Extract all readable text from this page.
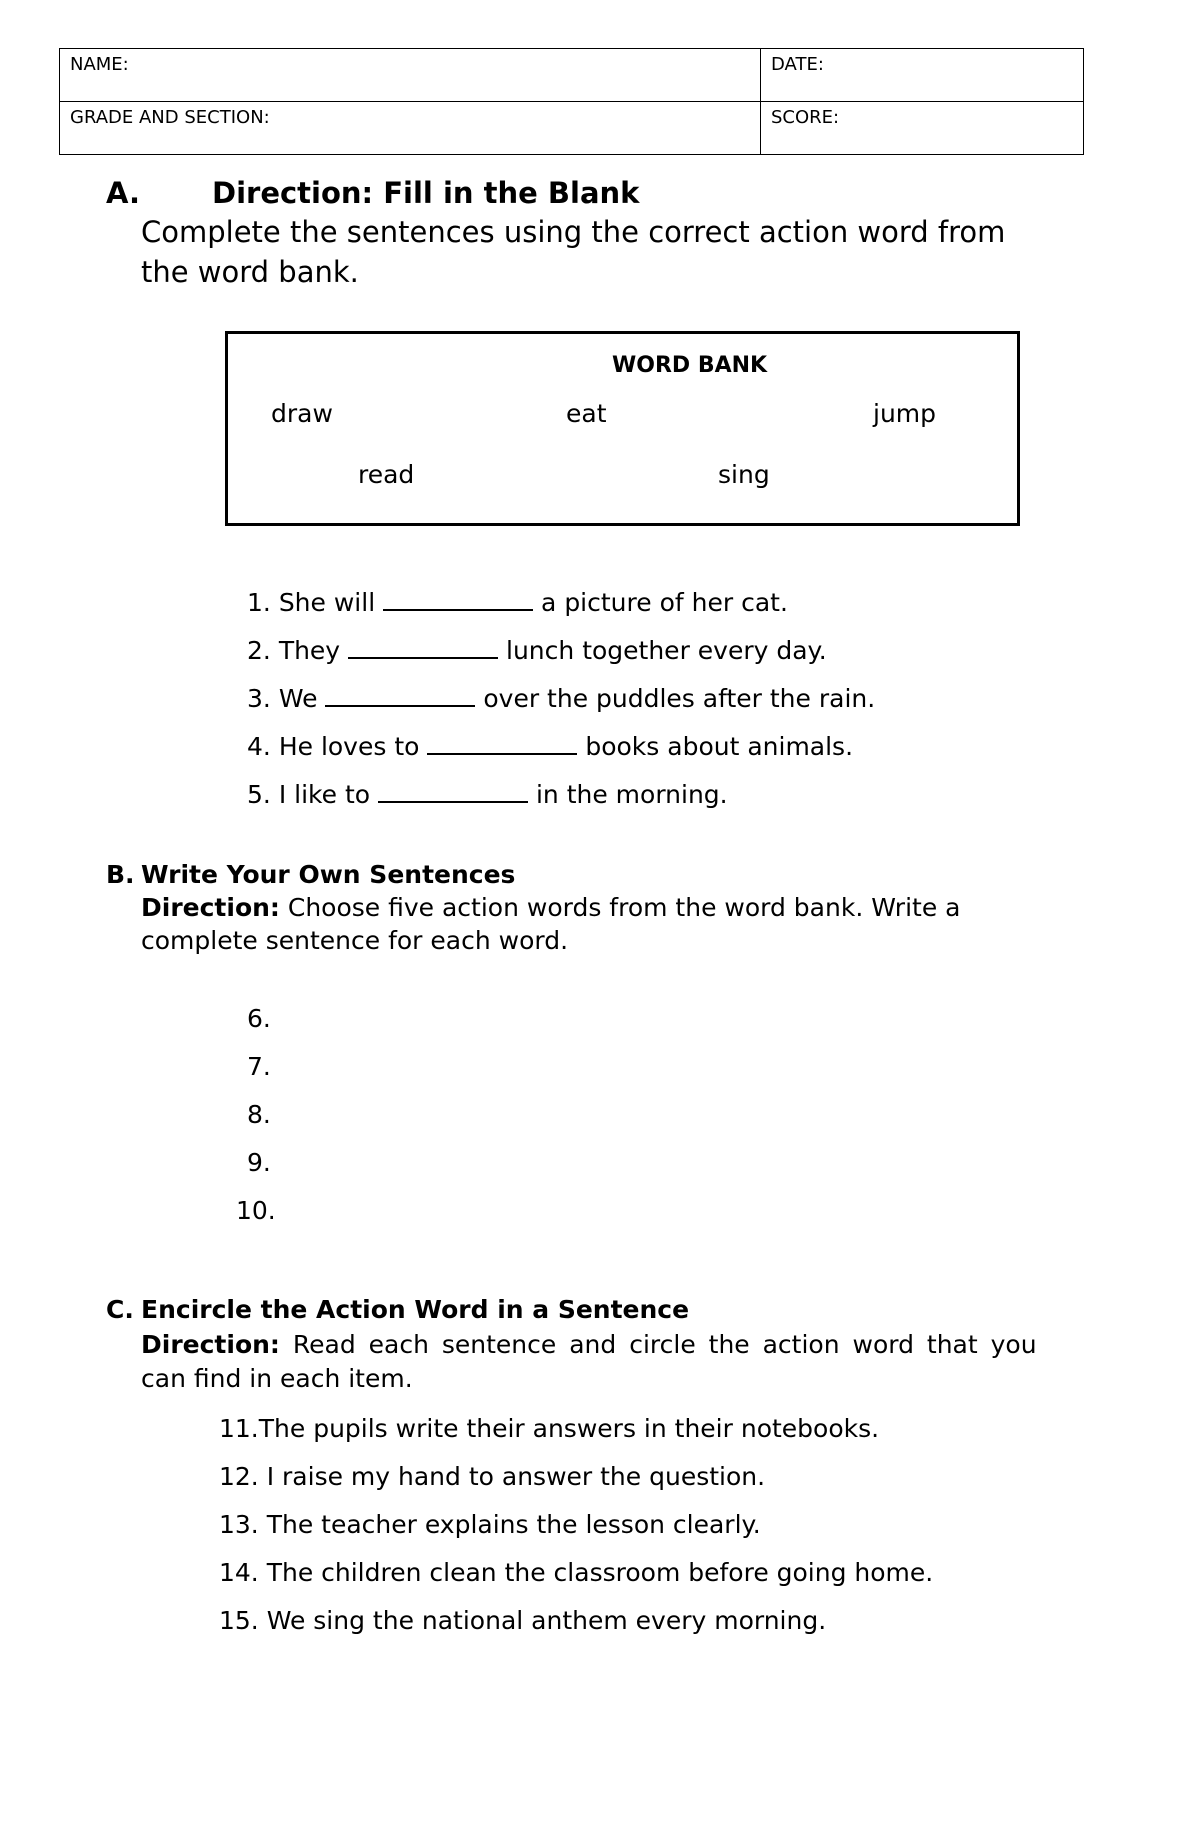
NAME:	DATE:
GRADE AND SECTION:	SCORE:
A. Direction: Fill in the Blank
Complete the sentences using the correct action word from
the word bank.
WORD BANK
draw	eat	jump
read	sing
1. She will	a picture of her cat.
2. They	lunch together every day.
3. We	over the puddles after the rain.
4. He loves to	books about animals.
5. I like to	in the morning.
B. Write Your Own Sentences
Direction: Choose five action words from the word bank. Write a
complete sentence for each word.
6.
7.
8.
9.
10.
C. Encircle the Action Word in a Sentence
Direction: Read each sentence and circle the action word that you
can find in each item.
11.The pupils write their answers in their notebooks.
12. I raise my hand to answer the question.
13. The teacher explains the lesson clearly.
14. The children clean the classroom before going home.
15. We sing the national anthem every morning.
